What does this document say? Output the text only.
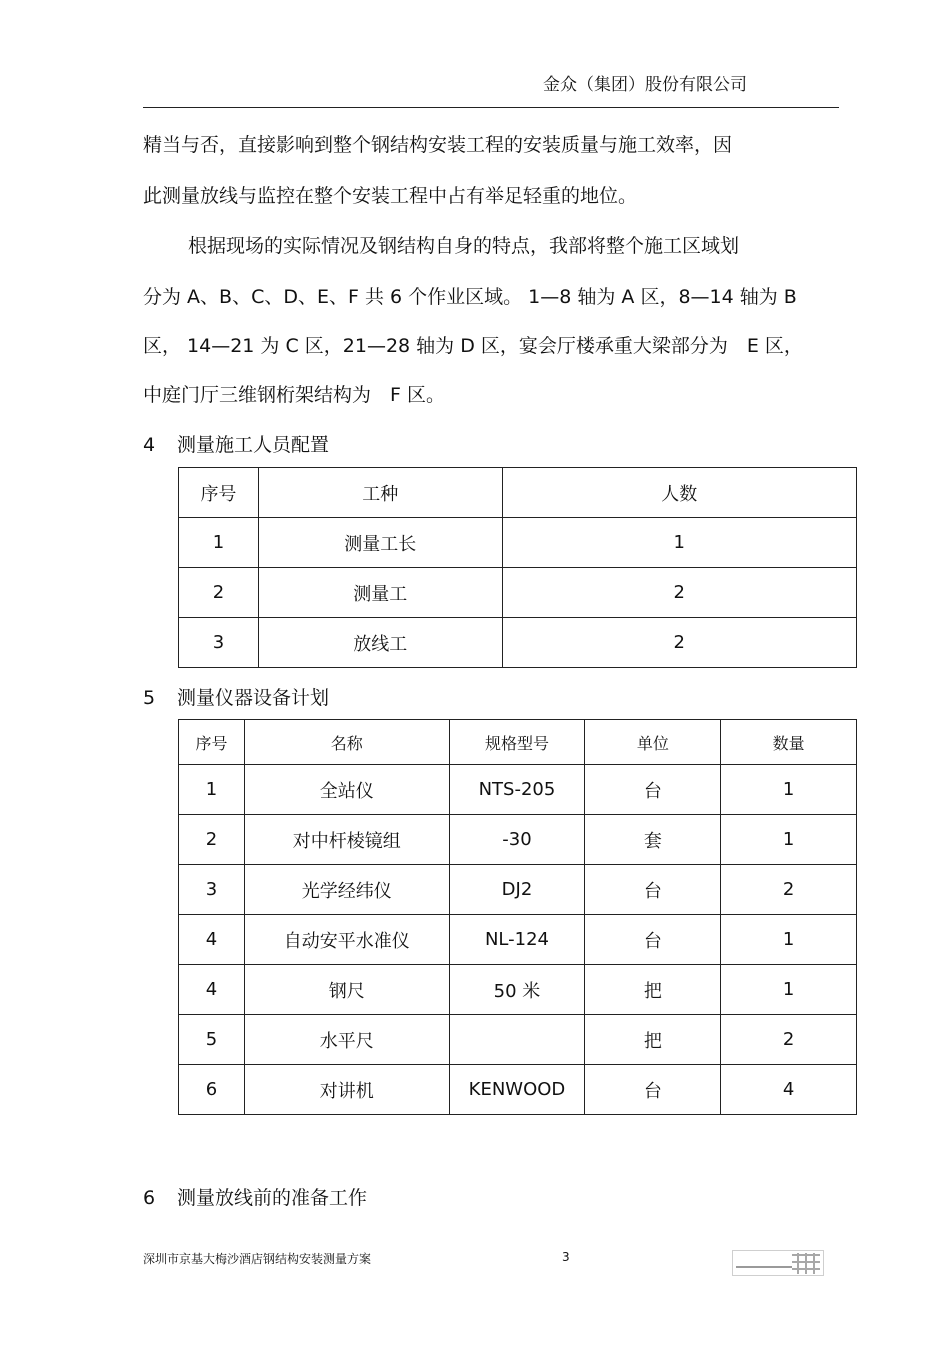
金众（集团）股份有限公司
精当与否，直接影响到整个钢结构安装工程的安装质量与施工效率，因
此测量放线与监控在整个安装工程中占有举足轻重的地位。
根据现场的实际情况及钢结构自身的特点，我部将整个施工区域划
分为 A、B、C、D、E、F 共 6 个作业区域。 1—8 轴为 A 区，8—14 轴为 B
区， 14—21 为 C 区，21—28 轴为 D 区，宴会厅楼承重大梁部分为　E 区，
中庭门厅三维钢桁架结构为　F 区。
4 测量施工人员配置
序号	工种	人数
1	测量工长	1
2	测量工	2
3	放线工	2
5 测量仪器设备计划
序号	名称	规格型号	单位	数量
1	全站仪	NTS-205	台	1
2	对中杆棱镜组	-30	套	1
3	光学经纬仪	DJ2	台	2
4	自动安平水准仪	NL-124	台	1
4	钢尺	50 米	把	1
5	水平尺		把	2
6	对讲机	KENWOOD	台	4
6 测量放线前的准备工作
深圳市京基大梅沙酒店钢结构安装测量方案	3
